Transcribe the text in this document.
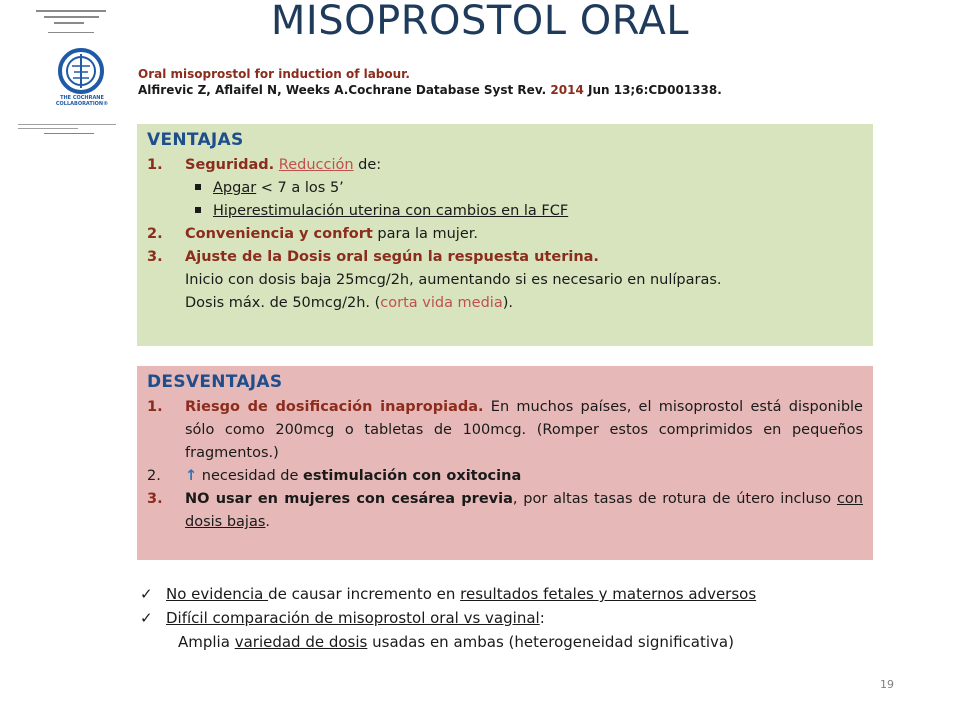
THE COCHRANE COLLABORATION®
MISOPROSTOL ORAL
Oral misoprostol for induction of labour.
Alfirevic Z, Aflaifel N, Weeks A.Cochrane Database Syst Rev. 2014 Jun 13;6:CD001338.
VENTAJAS
1. Seguridad. Reducción de:
Apgar < 7 a los 5’
Hiperestimulación uterina con cambios en la FCF
2. Conveniencia y confort para la mujer.
3. Ajuste de la Dosis oral según la respuesta uterina.
Inicio con dosis baja 25mcg/2h, aumentando si es necesario en nulíparas.
Dosis máx. de 50mcg/2h. (corta vida media).
DESVENTAJAS
1.	Riesgo de dosificación inapropiada. En muchos países, el misoprostol está disponible sólo como 200mcg o tabletas de 100mcg. (Romper estos comprimidos en pequeños fragmentos.)
2.	↑ necesidad de estimulación con oxitocina
3.	NO usar en mujeres con cesárea previa, por altas tasas de rotura de útero incluso con dosis bajas.
✓ No evidencia de causar incremento en resultados fetales y maternos adversos
✓ Difícil comparación de misoprostol oral vs vaginal:
Amplia variedad de dosis usadas en ambas (heterogeneidad significativa)
19
